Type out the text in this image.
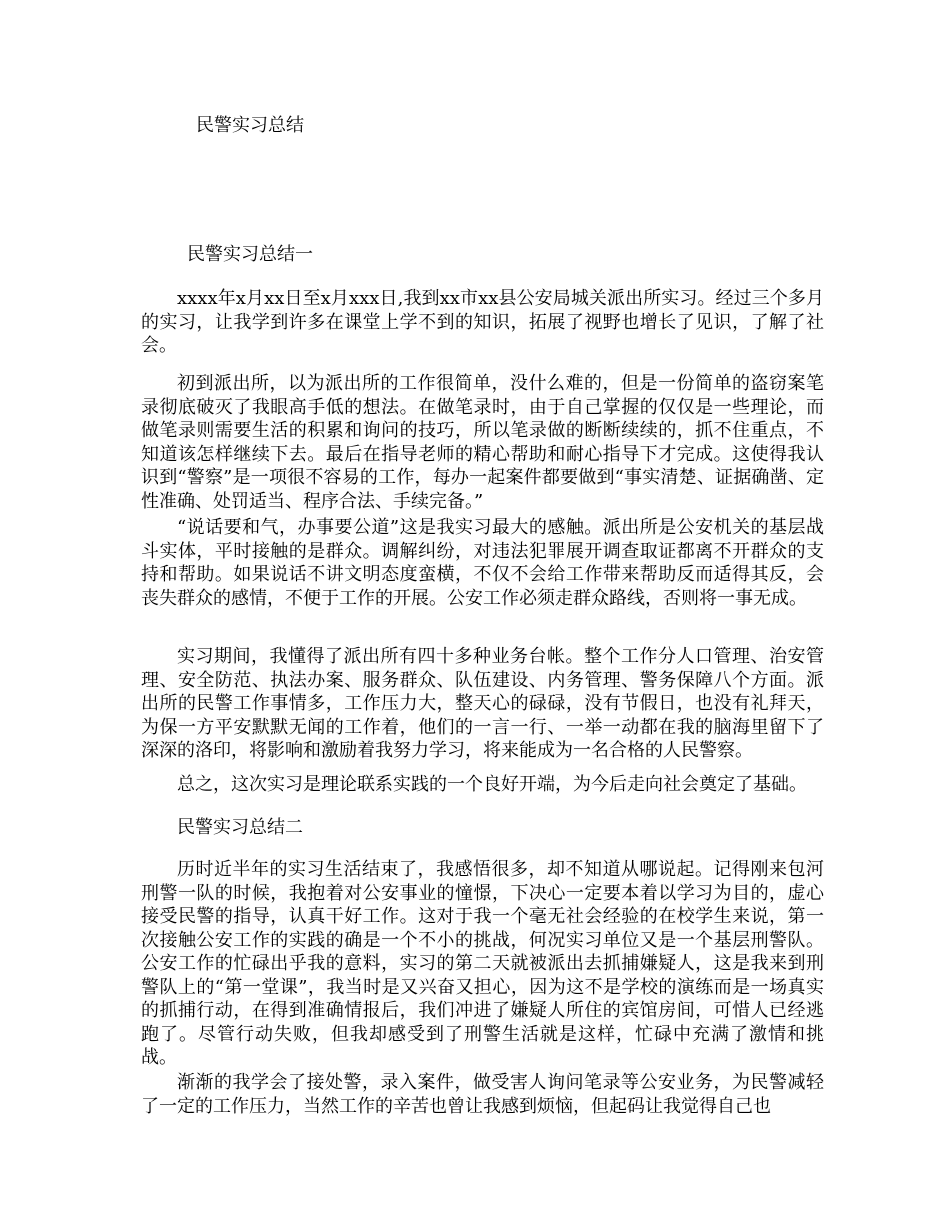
民警实习总结
民警实习总结一

xxxx年x月xx日至x月xxx日,我到xx市xx县公安局城关派出所实习。经过三个多月的实习，让我学到许多在课堂上学不到的知识，拓展了视野也增长了见识，了解了社会。

初到派出所，以为派出所的工作很简单，没什么难的，但是一份简单的盗窃案笔录彻底破灭了我眼高手低的想法。在做笔录时，由于自己掌握的仅仅是一些理论，而做笔录则需要生活的积累和询问的技巧，所以笔录做的断断续续的，抓不住重点，不知道该怎样继续下去。最后在指导老师的精心帮助和耐心指导下才完成。这使得我认识到“警察”是一项很不容易的工作，每办一起案件都要做到“事实清楚、证据确凿、定性准确、处罚适当、程序合法、手续完备。”

“说话要和气，办事要公道”这是我实习最大的感触。派出所是公安机关的基层战斗实体，平时接触的是群众。调解纠纷，对违法犯罪展开调查取证都离不开群众的支持和帮助。如果说话不讲文明态度蛮横，不仅不会给工作带来帮助反而适得其反，会丧失群众的感情，不便于工作的开展。公安工作必须走群众路线，否则将一事无成。

实习期间，我懂得了派出所有四十多种业务台帐。整个工作分人口管理、治安管理、安全防范、执法办案、服务群众、队伍建设、内务管理、警务保障八个方面。派出所的民警工作事情多，工作压力大，整天心的碌碌，没有节假日，也没有礼拜天，为保一方平安默默无闻的工作着，他们的一言一行、一举一动都在我的脑海里留下了深深的洛印，将影响和激励着我努力学习，将来能成为一名合格的人民警察。

总之，这次实习是理论联系实践的一个良好开端，为今后走向社会奠定了基础。

民警实习总结二

历时近半年的实习生活结束了，我感悟很多，却不知道从哪说起。记得刚来包河刑警一队的时候，我抱着对公安事业的憧憬，下决心一定要本着以学习为目的，虚心接受民警的指导，认真干好工作。这对于我一个毫无社会经验的在校学生来说，第一次接触公安工作的实践的确是一个不小的挑战，何况实习单位又是一个基层刑警队。公安工作的忙碌出乎我的意料，实习的第二天就被派出去抓捕嫌疑人，这是我来到刑警队上的“第一堂课”，我当时是又兴奋又担心，因为这不是学校的演练而是一场真实的抓捕行动，在得到准确情报后，我们冲进了嫌疑人所住的宾馆房间，可惜人已经逃跑了。尽管行动失败，但我却感受到了刑警生活就是这样，忙碌中充满了激情和挑战。

渐渐的我学会了接处警，录入案件，做受害人询问笔录等公安业务，为民警减轻了一定的工作压力，当然工作的辛苦也曾让我感到烦恼，但起码让我觉得自己也
